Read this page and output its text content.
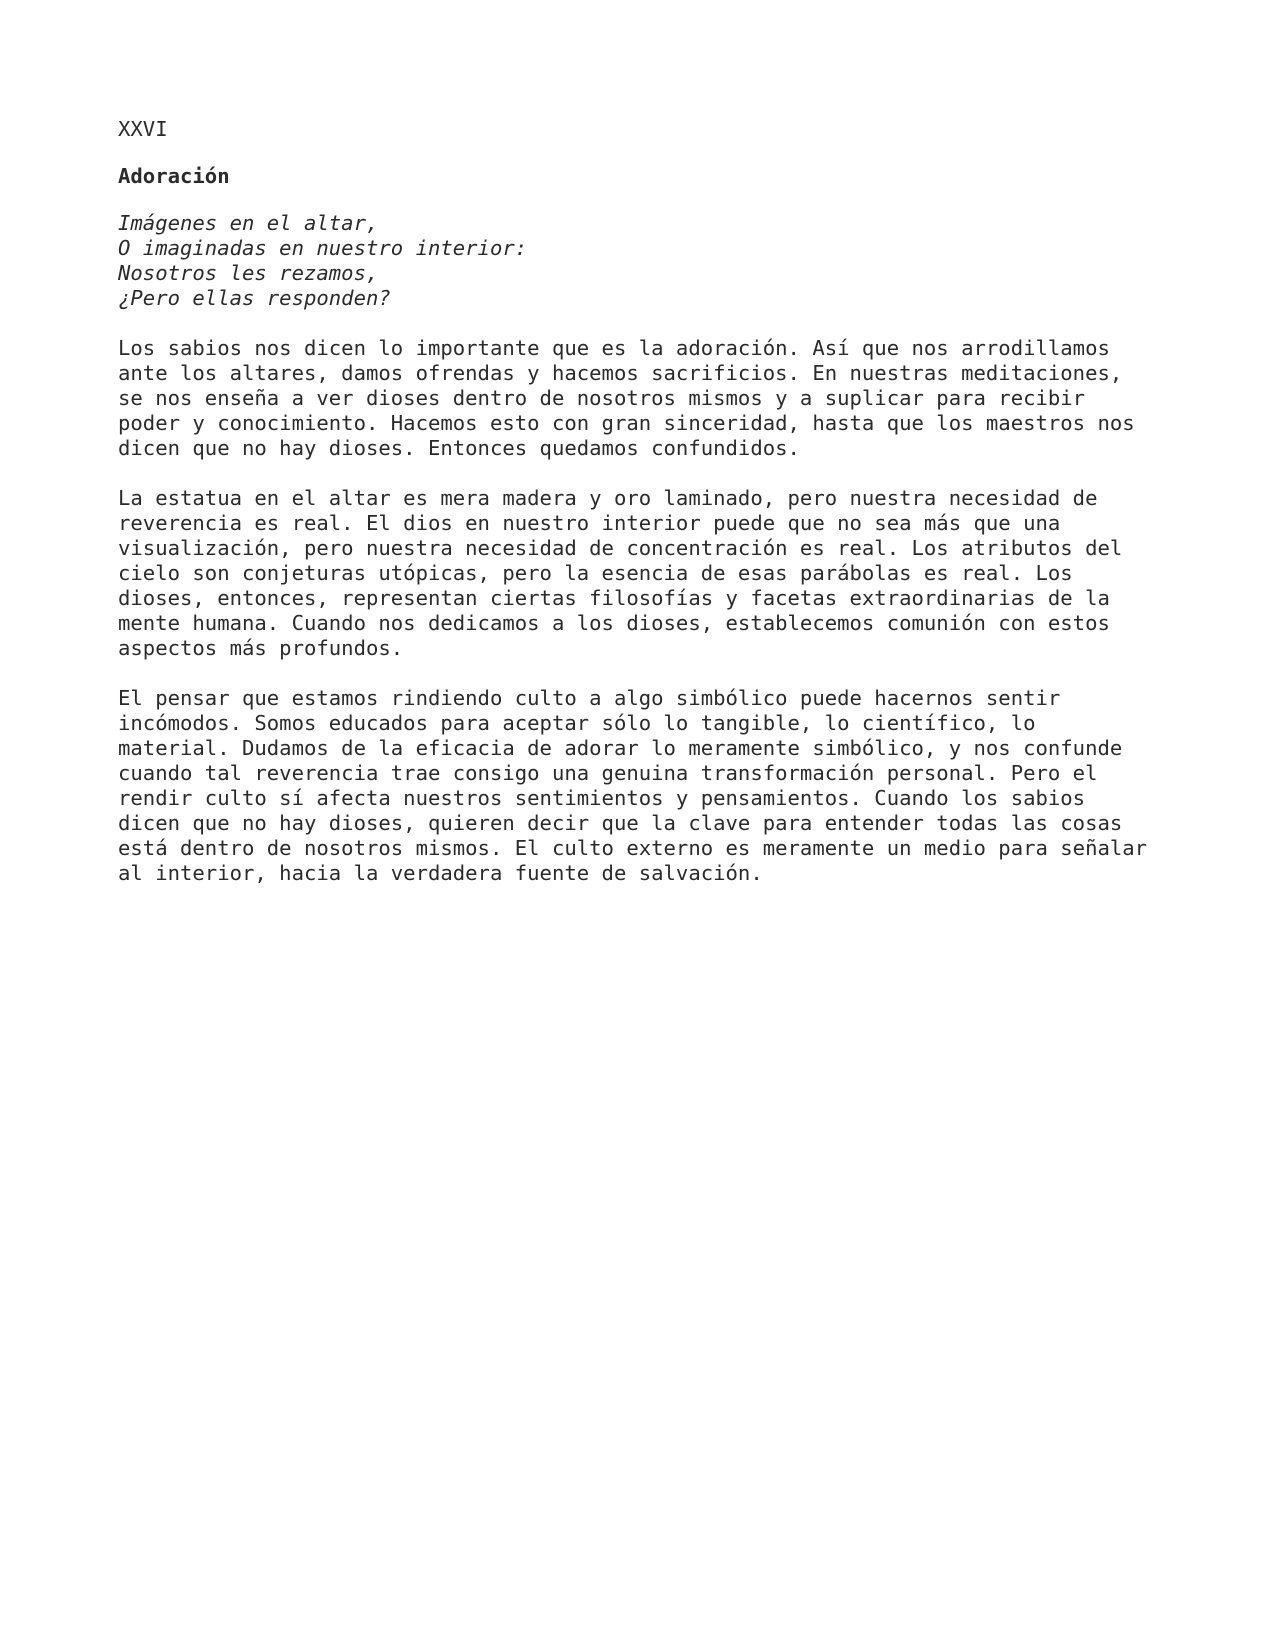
XXVI
Adoración
Imágenes en el altar,
O imaginadas en nuestro interior:
Nosotros les rezamos,
¿Pero ellas responden?
Los sabios nos dicen lo importante que es la adoración. Así que nos arrodillamos
ante los altares, damos ofrendas y hacemos sacrificios. En nuestras meditaciones,
se nos enseña a ver dioses dentro de nosotros mismos y a suplicar para recibir
poder y conocimiento. Hacemos esto con gran sinceridad, hasta que los maestros nos
dicen que no hay dioses. Entonces quedamos confundidos.
La estatua en el altar es mera madera y oro laminado, pero nuestra necesidad de
reverencia es real. El dios en nuestro interior puede que no sea más que una
visualización, pero nuestra necesidad de concentración es real. Los atributos del
cielo son conjeturas utópicas, pero la esencia de esas parábolas es real. Los
dioses, entonces, representan ciertas filosofías y facetas extraordinarias de la
mente humana. Cuando nos dedicamos a los dioses, establecemos comunión con estos
aspectos más profundos.
El pensar que estamos rindiendo culto a algo simbólico puede hacernos sentir
incómodos. Somos educados para aceptar sólo lo tangible, lo científico, lo
material. Dudamos de la eficacia de adorar lo meramente simbólico, y nos confunde
cuando tal reverencia trae consigo una genuina transformación personal. Pero el
rendir culto sí afecta nuestros sentimientos y pensamientos. Cuando los sabios
dicen que no hay dioses, quieren decir que la clave para entender todas las cosas
está dentro de nosotros mismos. El culto externo es meramente un medio para señalar
al interior, hacia la verdadera fuente de salvación.
